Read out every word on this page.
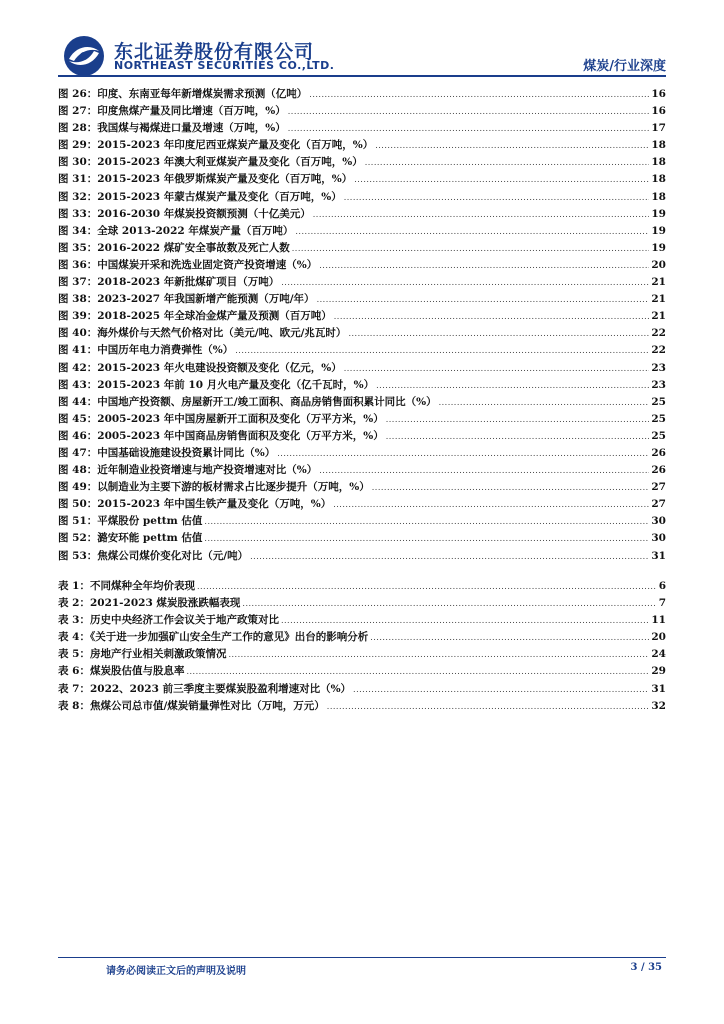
东北证券股份有限公司
NORTHEAST SECURITIES CO.,LTD.	煤炭/行业深度
图 26：印度、东南亚每年新增煤炭需求预测（亿吨） .....	16
图 27：印度焦煤产量及同比增速（百万吨，%） .....	16
图 28：我国煤与褐煤进口量及增速（万吨，%） .....	17
图 29：2015-2023 年印度尼西亚煤炭产量及变化（百万吨，%） .....	18
图 30：2015-2023 年澳大利亚煤炭产量及变化（百万吨，%） .....	18
图 31：2015-2023 年俄罗斯煤炭产量及变化（百万吨，%） .....	18
图 32：2015-2023 年蒙古煤炭产量及变化（百万吨，%） .....	18
图 33：2016-2030 年煤炭投资额预测（十亿美元） .....	19
图 34：全球 2013-2022 年煤炭产量（百万吨） .....	19
图 35：2016-2022 煤矿安全事故数及死亡人数 .....	19
图 36：中国煤炭开采和洗选业固定资产投资增速（%） .....	20
图 37：2018-2023 年新批煤矿项目（万吨） .....	21
图 38：2023-2027 年我国新增产能预测（万吨/年） .....	21
图 39：2018-2025 年全球冶金煤产量及预测（百万吨） .....	21
图 40：海外煤价与天然气价格对比（美元/吨、欧元/兆瓦时） .....	22
图 41：中国历年电力消费弹性（%） .....	22
图 42：2015-2023 年火电建设投资额及变化（亿元，%） .....	23
图 43：2015-2023 年前 10 月火电产量及变化（亿千瓦时，%） .....	23
图 44：中国地产投资额、房屋新开工/竣工面积、商品房销售面积累计同比（%） .....	25
图 45：2005-2023 年中国房屋新开工面积及变化（万平方米，%） .....	25
图 46：2005-2023 年中国商品房销售面积及变化（万平方米，%） .....	25
图 47：中国基础设施建设投资累计同比（%） .....	26
图 48：近年制造业投资增速与地产投资增速对比（%） .....	26
图 49：以制造业为主要下游的板材需求占比逐步提升（万吨，%） .....	27
图 50：2015-2023 年中国生铁产量及变化（万吨，%） .....	27
图 51：平煤股份 pettm 估值 .....	30
图 52：潞安环能 pettm 估值 .....	30
图 53：焦煤公司煤价变化对比（元/吨） .....	31
表 1：不同煤种全年均价表现 .....	6
表 2：2021-2023 煤炭股涨跌幅表现 .....	7
表 3：历史中央经济工作会议关于地产政策对比 .....	11
表 4：《关于进一步加强矿山安全生产工作的意见》出台的影响分析 .....	20
表 5：房地产行业相关刺激政策情况 .....	24
表 6：煤炭股估值与股息率 .....	29
表 7：2022、2023 前三季度主要煤炭股盈利增速对比（%） .....	31
表 8：焦煤公司总市值/煤炭销量弹性对比（万吨，万元） .....	32
请务必阅读正文后的声明及说明	3 / 35
